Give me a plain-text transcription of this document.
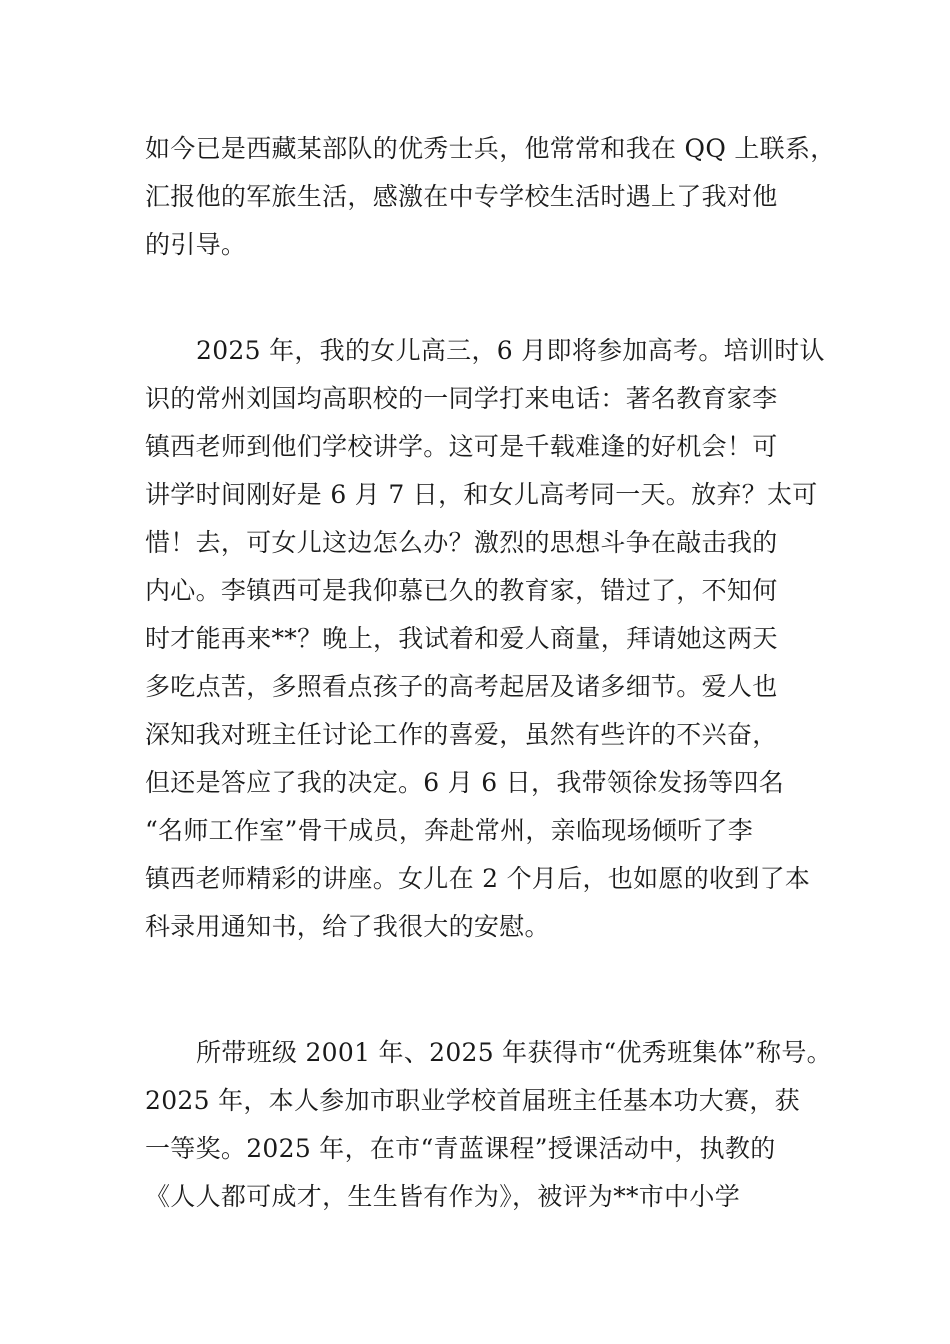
如今已是西藏某部队的优秀士兵，他常常和我在 QQ 上联系，
汇报他的军旅生活，感激在中专学校生活时遇上了我对他
的引导。
2025 年，我的女儿高三，6 月即将参加高考。培训时认
识的常州刘国均高职校的一同学打来电话：著名教育家李
镇西老师到他们学校讲学。这可是千载难逢的好机会！可
讲学时间刚好是 6 月 7 日，和女儿高考同一天。放弃？太可
惜！去，可女儿这边怎么办？激烈的思想斗争在敲击我的
内心。李镇西可是我仰慕已久的教育家，错过了，不知何
时才能再来**？晚上，我试着和爱人商量，拜请她这两天
多吃点苦，多照看点孩子的高考起居及诸多细节。爱人也
深知我对班主任讨论工作的喜爱，虽然有些许的不兴奋，
但还是答应了我的决定。6 月 6 日，我带领徐发扬等四名
“名师工作室”骨干成员，奔赴常州，亲临现场倾听了李
镇西老师精彩的讲座。女儿在 2 个月后，也如愿的收到了本
科录用通知书，给了我很大的安慰。
所带班级 2001 年、2025 年获得市“优秀班集体”称号。
2025 年，本人参加市职业学校首届班主任基本功大赛，获
一等奖。2025 年，在市“青蓝课程”授课活动中，执教的
《人人都可成才，生生皆有作为》，被评为**市中小学
